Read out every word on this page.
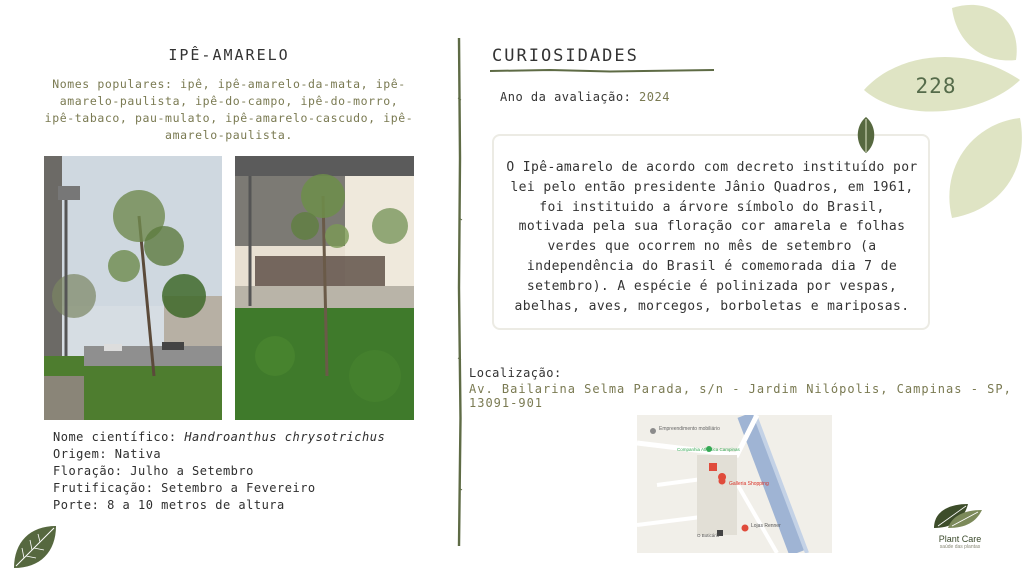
IPÊ-AMARELO
Nomes populares: ipê, ipê-amarelo-da-mata, ipê-amarelo-paulista, ipê-do-campo, ipê-do-morro, ipê-tabaco, pau-mulato, ipê-amarelo-cascudo, ipê-amarelo-paulista.
Nome científico: Handroanthus chrysotrichus
Origem: Nativa
Floração: Julho a Setembro
Frutificação: Setembro a Fevereiro
Porte: 8 a 10 metros de altura
CURIOSIDADES
Ano da avaliação: 2024
O Ipê-amarelo de acordo com decreto instituído por lei pelo então presidente Jânio Quadros, em 1961, foi instituido a árvore símbolo do Brasil, motivada pela sua floração cor amarela e folhas verdes que ocorrem no mês de setembro (a independência do Brasil é comemorada dia 7 de setembro). A espécie é polinizada por vespas, abelhas, aves, morcegos, borboletas e mariposas.
Localização:
Av. Bailarina Selma Parada, s/n - Jardim Nilópolis, Campinas - SP, 13091-901
Empreendimento mobiliário
Companhia Athletica Campinas
Galleria Shopping
Lojas Renner
O Boticário
228
Plant Care
saúde das plantas
